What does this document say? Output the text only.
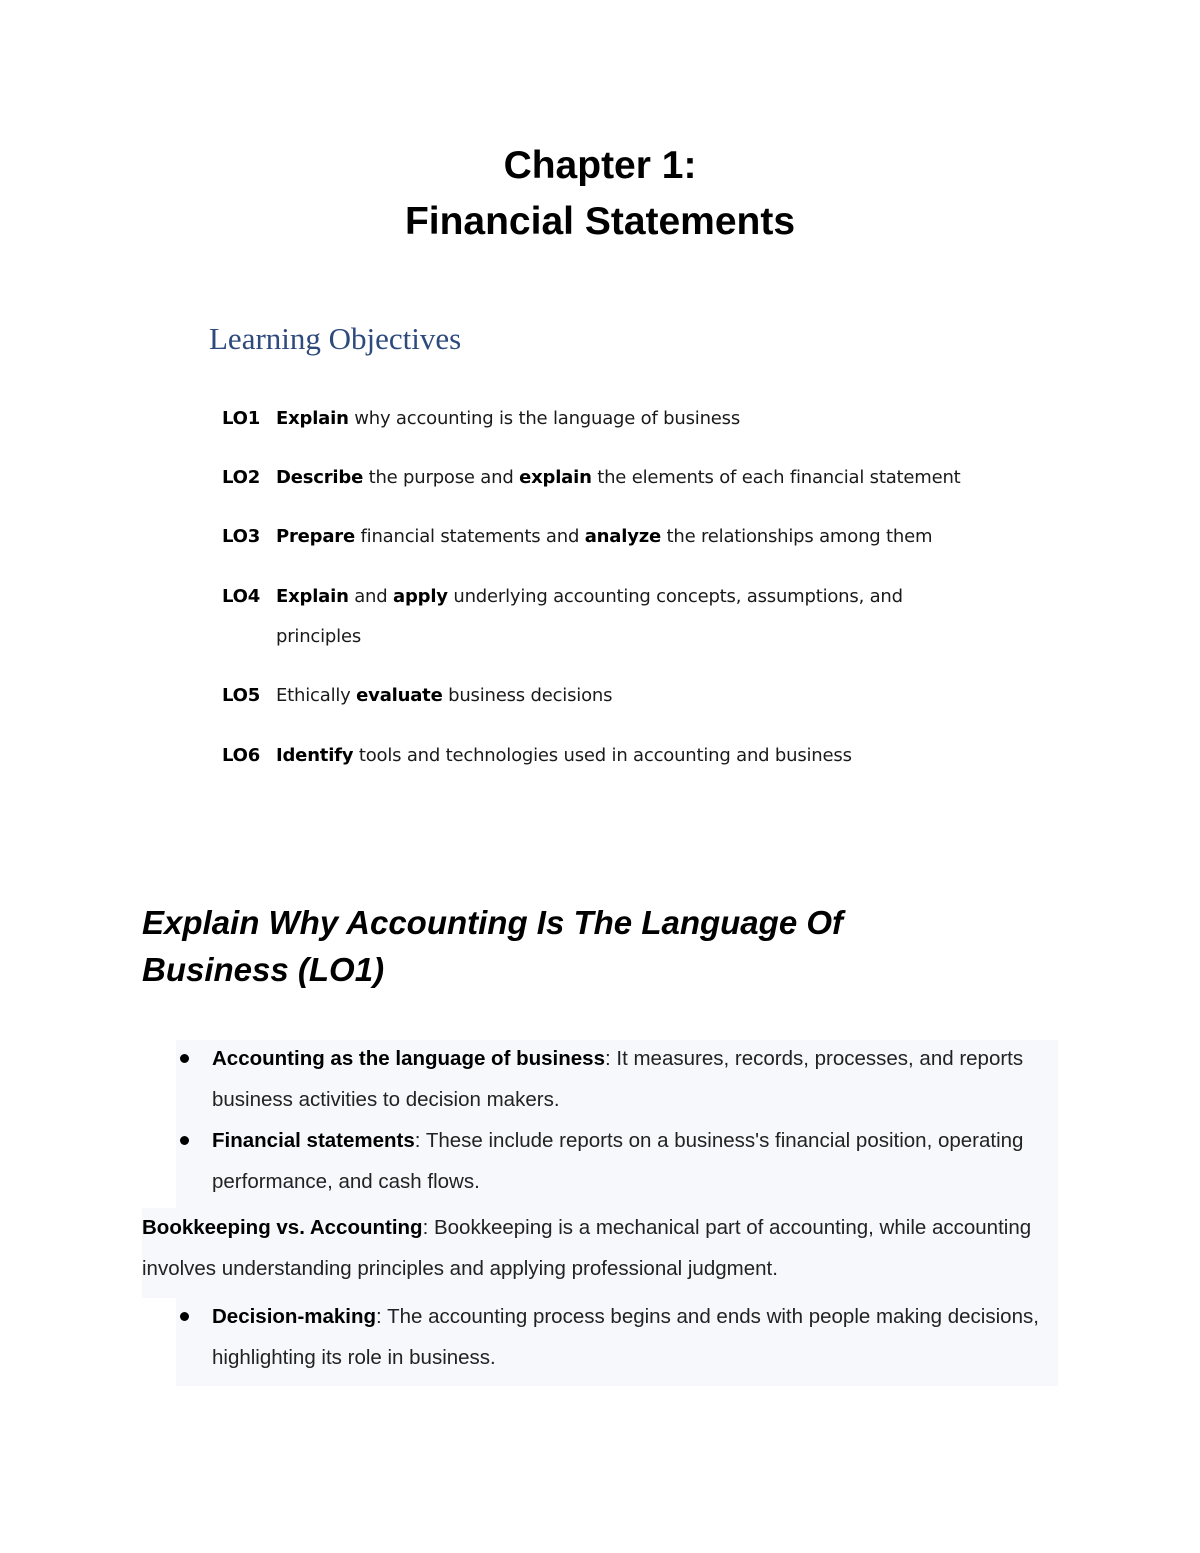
Chapter 1:
Financial Statements
Learning Objectives
LO1 Explain why accounting is the language of business
LO2 Describe the purpose and explain the elements of each financial statement
LO3 Prepare financial statements and analyze the relationships among them
LO4 Explain and apply underlying accounting concepts, assumptions, and principles
LO5 Ethically evaluate business decisions
LO6 Identify tools and technologies used in accounting and business
Explain Why Accounting Is The Language Of Business (LO1)
Accounting as the language of business: It measures, records, processes, and reports business activities to decision makers.
Financial statements: These include reports on a business's financial position, operating performance, and cash flows.

Bookkeeping vs. Accounting: Bookkeeping is a mechanical part of accounting, while accounting involves understanding principles and applying professional judgment.

Decision-making: The accounting process begins and ends with people making decisions, highlighting its role in business.
